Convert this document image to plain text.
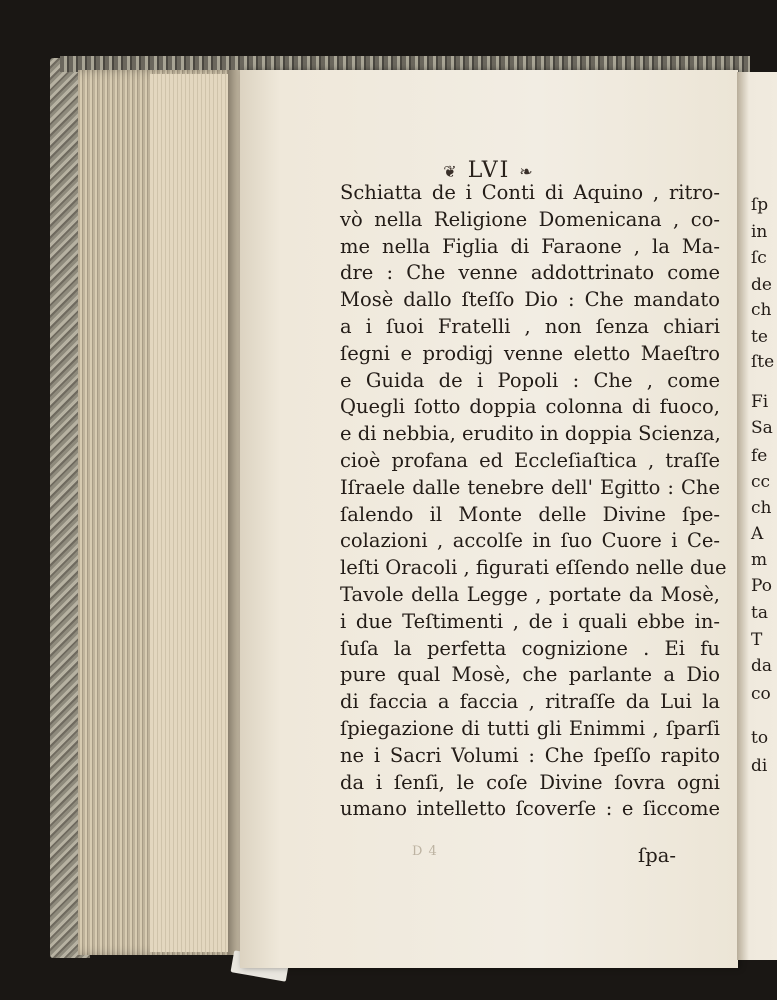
❦ LVI ❧
Schiatta de i Conti di Aquino , ritro-
vò nella Religione Domenicana , co-
me nella Figlia di Faraone , la Ma-
dre : Che venne addottrinato come
Mosè dallo ſteſſo Dio : Che mandato
a i ſuoi Fratelli , non ſenza chiari
ſegni e prodigj venne eletto Maeſtro
e Guida de i Popoli : Che , come
Quegli ſotto doppia colonna di fuoco,
e di nebbia, erudito in doppia Scienza,
cioè profana ed Eccleſiaſtica , traſſe
Iſraele dalle tenebre dell' Egitto : Che
ſalendo il Monte delle Divine ſpe-
colazioni , accolſe in ſuo Cuore i Ce-
leſti Oracoli , figurati eſſendo nelle due
Tavole della Legge , portate da Mosè,
i due Teſtimenti , de i quali ebbe in-
ſuſa la perfetta cognizione . Ei fu
pure qual Mosè, che parlante a Dio
di faccia a faccia , ritraſſe da Lui la
ſpiegazione di tutti gli Enimmi , ſparſi
ne i Sacri Volumi : Che ſpeſſo rapito
da i ſenſi, le coſe Divine ſovra ogni
umano intelletto ſcoverſe : e ſiccome
D 4	ſpa-
ſp
in
ſc
de
ch
te
ſte
Fi
Sa
fe
cc
ch
A
m
Po
ta
T
da
co
to
di
